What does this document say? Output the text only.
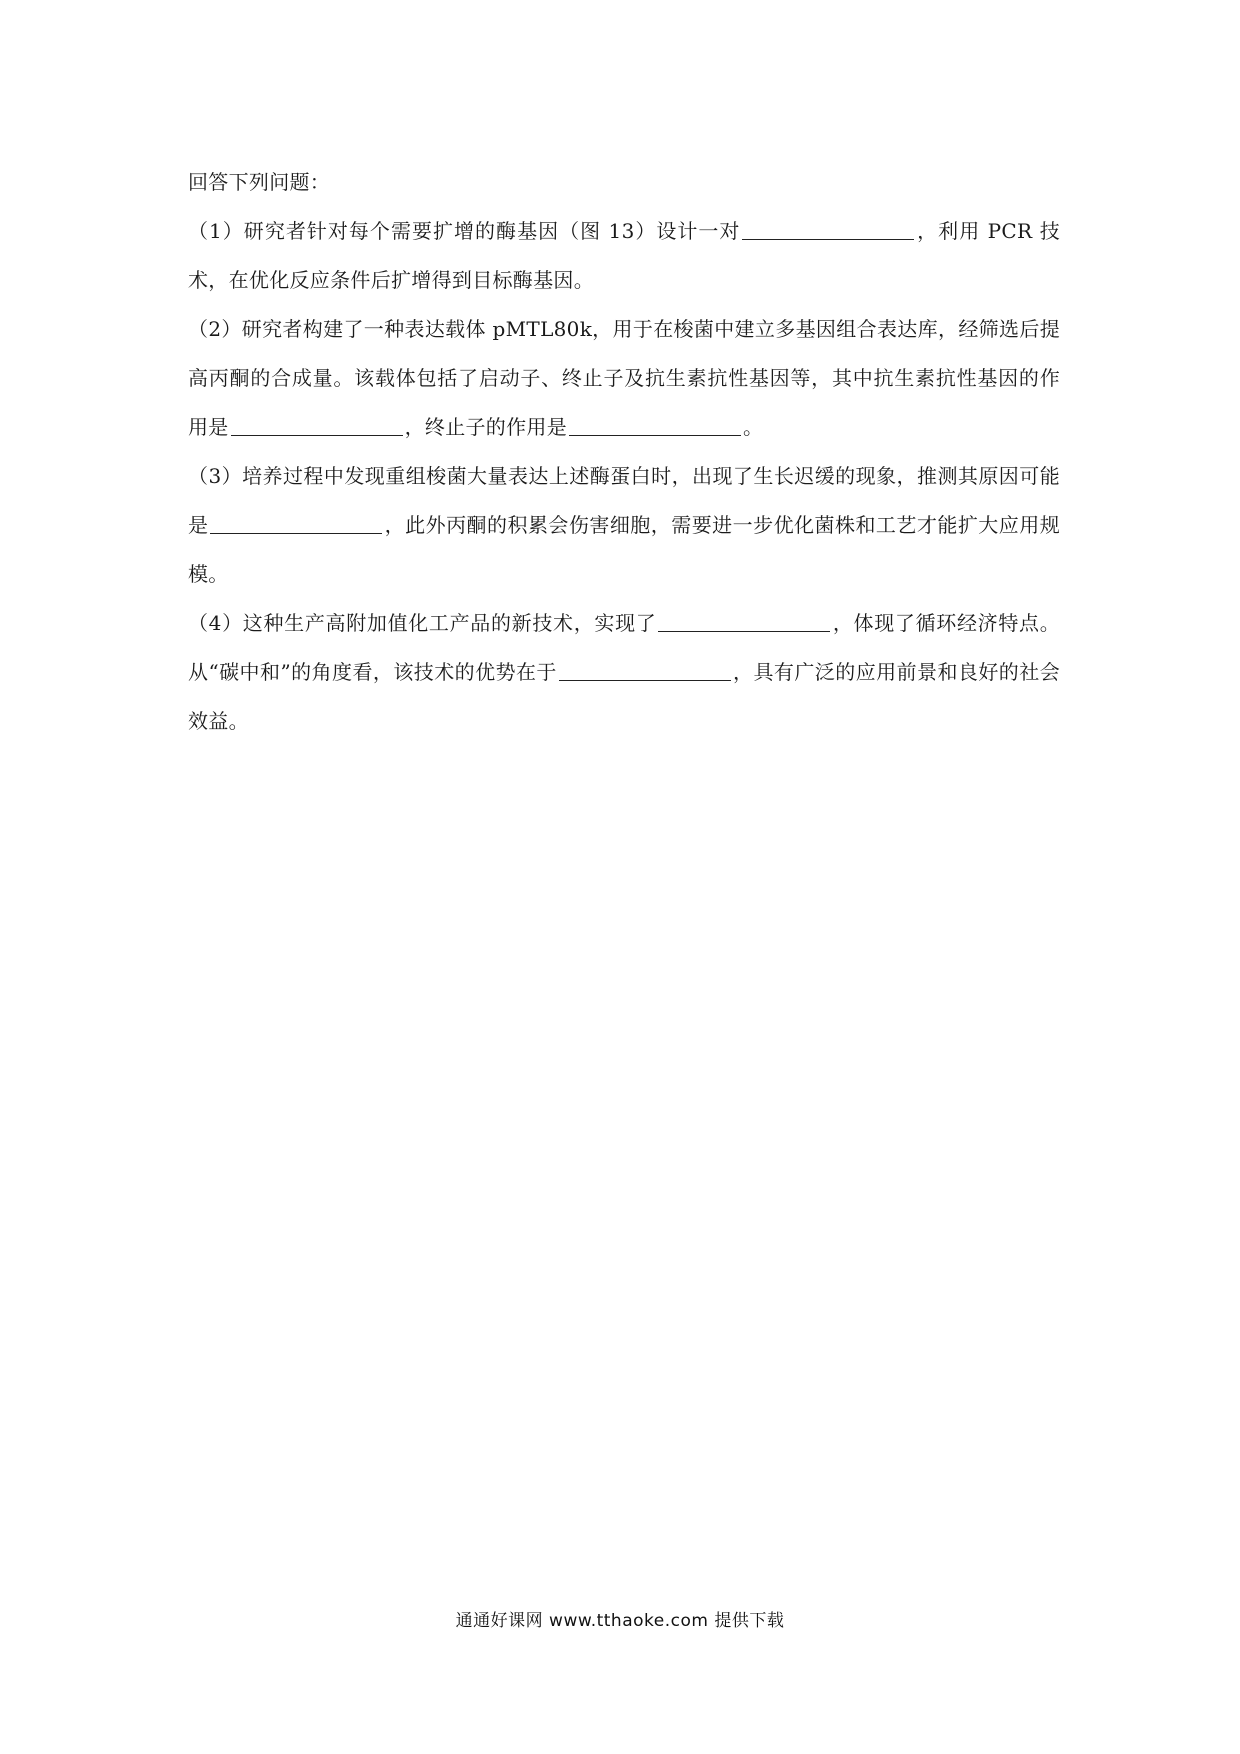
回答下列问题：

（1）研究者针对每个需要扩增的酶基因（图 13）设计一对	，利用 PCR 技术，在优化反应条件后扩增得到目标酶基因。

（2）研究者构建了一种表达载体 pMTL80k，用于在梭菌中建立多基因组合表达库，经筛选后提高丙酮的合成量。该载体包括了启动子、终止子及抗生素抗性基因等，其中抗生素抗性基因的作用是	，终止子的作用是	。

（3）培养过程中发现重组梭菌大量表达上述酶蛋白时，出现了生长迟缓的现象，推测其原因可能是	，此外丙酮的积累会伤害细胞，需要进一步优化菌株和工艺才能扩大应用规模。

（4）这种生产高附加值化工产品的新技术，实现了	，体现了循环经济特点。从“碳中和”的角度看，该技术的优势在于	，具有广泛的应用前景和良好的社会效益。

通通好课网 www.tthaoke.com 提供下载
